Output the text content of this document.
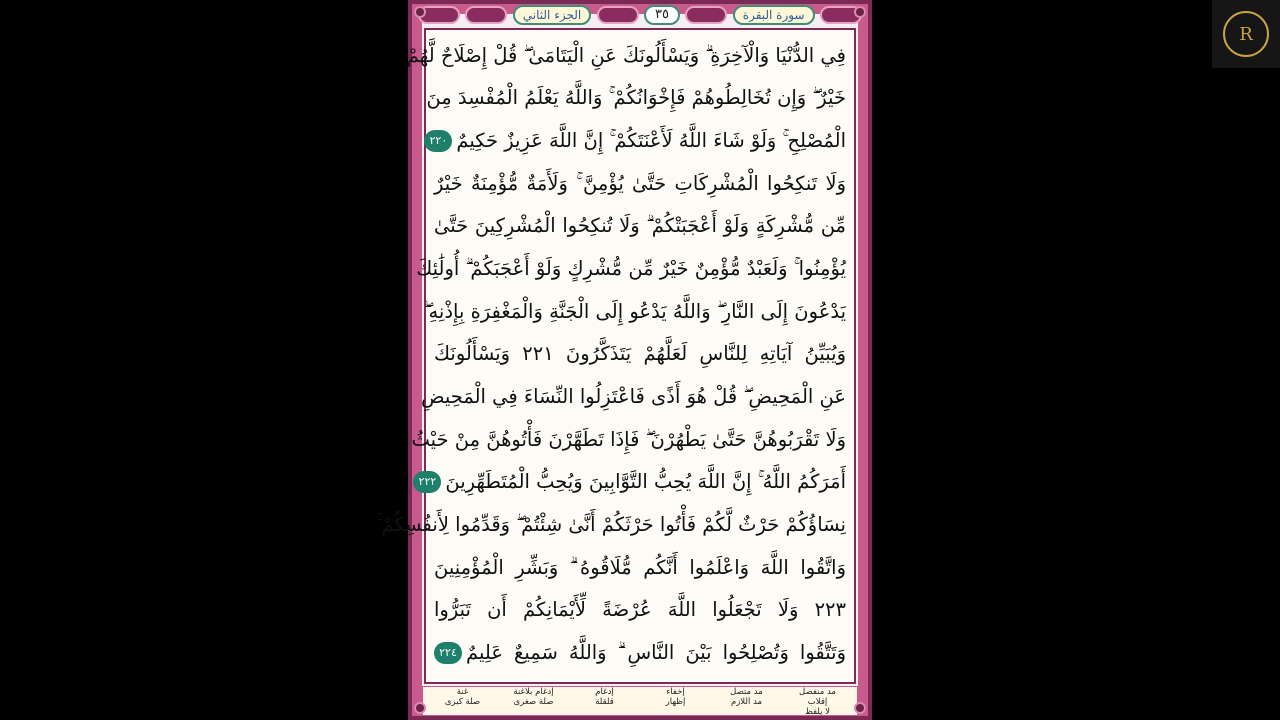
الجزء الثاني	٣٥	سورة البقرة
فِي الدُّنْيَا وَالْآخِرَةِ ۗ وَيَسْأَلُونَكَ عَنِ الْيَتَامَىٰ ۖ قُلْ إِصْلَاحٌ لَّهُمْ
خَيْرٌ ۖ وَإِن تُخَالِطُوهُمْ فَإِخْوَانُكُمْ ۚ وَاللَّهُ يَعْلَمُ الْمُفْسِدَ مِنَ
الْمُصْلِحِ ۚ وَلَوْ شَاءَ اللَّهُ لَأَعْنَتَكُمْ ۚ إِنَّ اللَّهَ عَزِيزٌ حَكِيمٌ
٢٢٠
وَلَا تَنكِحُوا الْمُشْرِكَاتِ حَتَّىٰ يُؤْمِنَّ ۚ وَلَأَمَةٌ مُّؤْمِنَةٌ خَيْرٌ
مِّن مُّشْرِكَةٍ وَلَوْ أَعْجَبَتْكُمْ ۗ وَلَا تُنكِحُوا الْمُشْرِكِينَ حَتَّىٰ
يُؤْمِنُوا ۚ وَلَعَبْدٌ مُّؤْمِنٌ خَيْرٌ مِّن مُّشْرِكٍ وَلَوْ أَعْجَبَكُمْ ۗ أُولَٰئِكَ
يَدْعُونَ إِلَى النَّارِ ۖ وَاللَّهُ يَدْعُو إِلَى الْجَنَّةِ وَالْمَغْفِرَةِ بِإِذْنِهِ ۖ
وَيُبَيِّنُ آيَاتِهِ لِلنَّاسِ لَعَلَّهُمْ يَتَذَكَّرُونَ ٢٢١ وَيَسْأَلُونَكَ
عَنِ الْمَحِيضِ ۖ قُلْ هُوَ أَذًى فَاعْتَزِلُوا النِّسَاءَ فِي الْمَحِيضِ
وَلَا تَقْرَبُوهُنَّ حَتَّىٰ يَطْهُرْنَ ۖ فَإِذَا تَطَهَّرْنَ فَأْتُوهُنَّ مِنْ حَيْثُ
أَمَرَكُمُ اللَّهُ ۚ إِنَّ اللَّهَ يُحِبُّ التَّوَّابِينَ وَيُحِبُّ الْمُتَطَهِّرِينَ
٢٢٢
نِسَاؤُكُمْ حَرْثٌ لَّكُمْ فَأْتُوا حَرْثَكُمْ أَنَّىٰ شِئْتُمْ ۖ وَقَدِّمُوا لِأَنفُسِكُمْ ۚ
وَاتَّقُوا اللَّهَ وَاعْلَمُوا أَنَّكُم مُّلَاقُوهُ ۗ وَبَشِّرِ الْمُؤْمِنِينَ
٢٢٣ وَلَا تَجْعَلُوا اللَّهَ عُرْضَةً لِّأَيْمَانِكُمْ أَن تَبَرُّوا
وَتَتَّقُوا وَتُصْلِحُوا بَيْنَ النَّاسِ ۗ وَاللَّهُ سَمِيعٌ عَلِيمٌ
٢٢٤
مد منفصل
مد متصل
إخفاء
إدغام
إدغام بلاغنة
غنة
إقلاب
مد اللازم
إظهار
قلقلة
صلة صغرى
صلة كبرى
لا يلفظ
R
